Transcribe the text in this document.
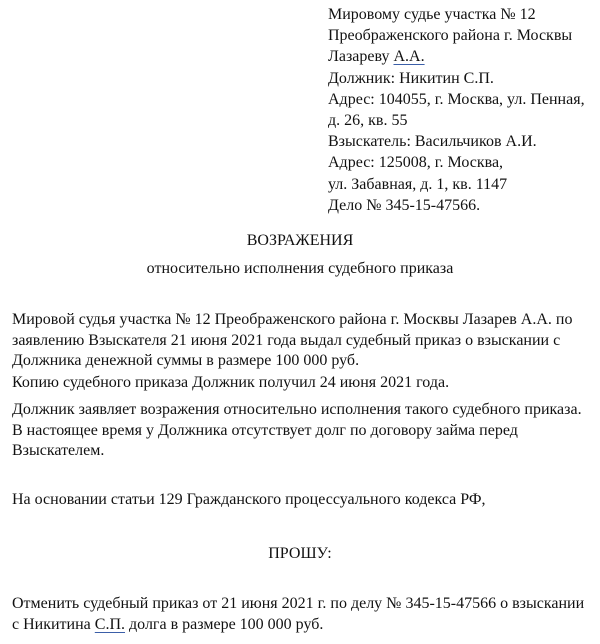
Мировому судье участка № 12
Преображенского района г. Москвы
Лазареву А.А.
Должник: Никитин С.П.
Адрес: 104055, г. Москва, ул. Пенная,
д. 26, кв. 55
Взыскатель: Васильчиков А.И.
Адрес: 125008, г. Москва,
ул. Забавная, д. 1, кв. 1147
Дело № 345-15-47566.
ВОЗРАЖЕНИЯ
относительно исполнения судебного приказа
Мировой судья участка № 12 Преображенского района г. Москвы Лазарев А.А. по заявлению Взыскателя 21 июня 2021 года выдал судебный приказ о взыскании с Должника денежной суммы в размере 100 000 руб.
Копию судебного приказа Должник получил 24 июня 2021 года.
Должник заявляет возражения относительно исполнения такого судебного приказа. В настоящее время у Должника отсутствует долг по договору займа перед Взыскателем.
На основании статьи 129 Гражданского процессуального кодекса РФ,
ПРОШУ:
Отменить судебный приказ от 21 июня 2021 г. по делу № 345-15-47566 о взыскании с Никитина С.П. долга в размере 100 000 руб.
